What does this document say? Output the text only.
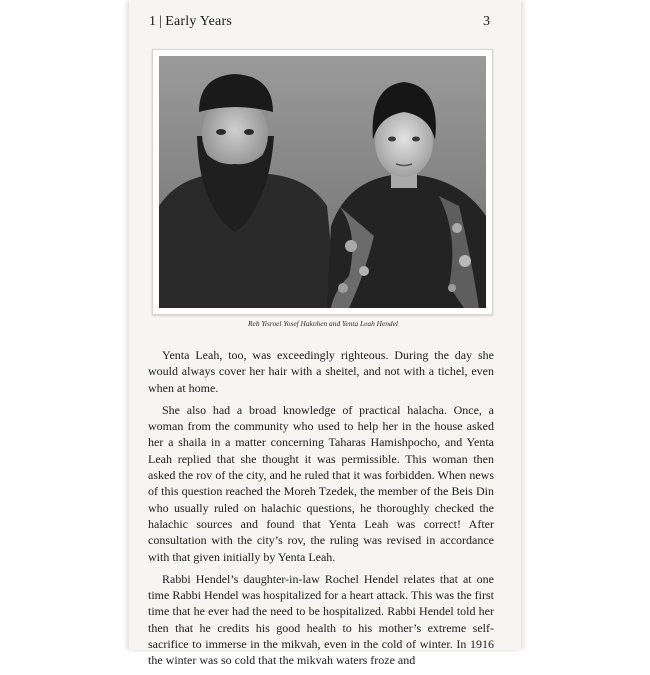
1 | Early Years	3
Reb Yisroel Yosef Hakohen and Yenta Leah Hendel

Yenta Leah, too, was exceedingly righteous. During the day she would always cover her hair with a sheitel, and not with a tichel, even when at home.

She also had a broad knowledge of practical halacha. Once, a woman from the community who used to help her in the house asked her a shaila in a matter concerning Taharas Hamishpocho, and Yenta Leah replied that she thought it was permissible. This woman then asked the rov of the city, and he ruled that it was forbidden. When news of this question reached the Moreh Tzedek, the member of the Beis Din who usually ruled on halachic questions, he thoroughly checked the halachic sources and found that Yenta Leah was correct! After consultation with the city’s rov, the ruling was revised in accordance with that given initially by Yenta Leah.

Rabbi Hendel’s daughter-in-law Rochel Hendel relates that at one time Rabbi Hendel was hospitalized for a heart attack. This was the first time that he ever had the need to be hospitalized. Rabbi Hendel told her then that he credits his good health to his mother’s extreme self-sacrifice to immerse in the mikvah, even in the cold of winter. In 1916 the winter was so cold that the mikvah waters froze and
